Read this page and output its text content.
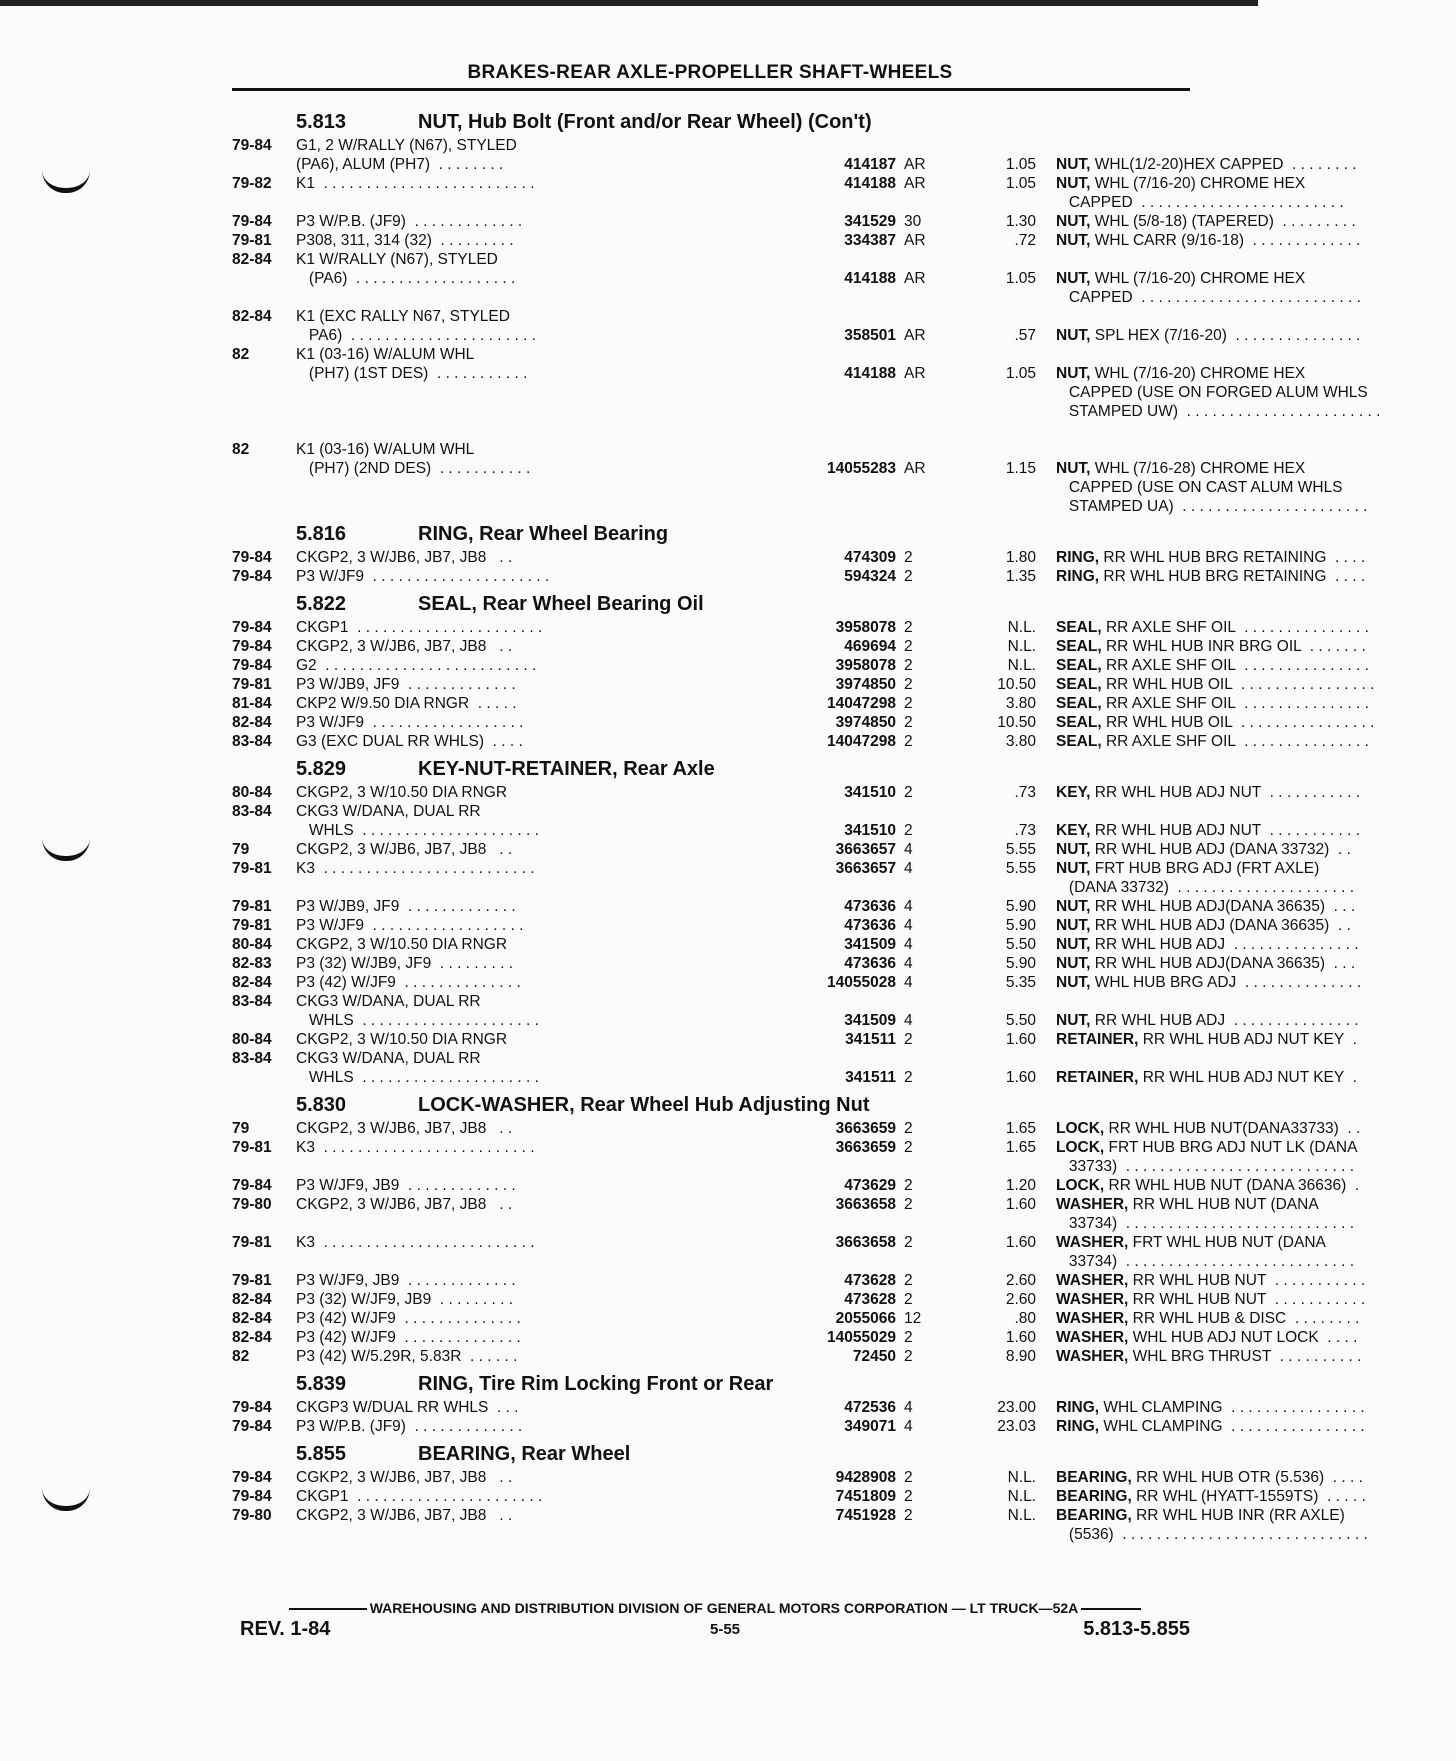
BRAKES-REAR AXLE-PROPELLER SHAFT-WHEELS
5.813	NUT, Hub Bolt (Front and/or Rear Wheel) (Con't)
79-84	G1, 2 W/RALLY (N67), STYLED
(PA6), ALUM (PH7)  . . . . . . . .	414187 AR	1.05 NUT, WHL(1/2-20)HEX CAPPED  . . . . . . . .
79-82	K1  . . . . . . . . . . . . . . . . . . . . . . . . .	414188 AR	1.05 NUT, WHL (7/16-20) CHROME HEX
CAPPED  . . . . . . . . . . . . . . . . . . . . . . . .
79-84	P3 W/P.B. (JF9)  . . . . . . . . . . . . .	341529 30	1.30 NUT, WHL (5/8-18) (TAPERED)  . . . . . . . . .
79-81	P308, 311, 314 (32)  . . . . . . . . .	334387 AR	.72 NUT, WHL CARR (9/16-18)  . . . . . . . . . . . . .
82-84	K1 W/RALLY (N67), STYLED
(PA6)  . . . . . . . . . . . . . . . . . . .	414188 AR	1.05 NUT, WHL (7/16-20) CHROME HEX
CAPPED  . . . . . . . . . . . . . . . . . . . . . . . . . .
82-84	K1 (EXC RALLY N67, STYLED
PA6)  . . . . . . . . . . . . . . . . . . . . . .	358501 AR	.57 NUT, SPL HEX (7/16-20)  . . . . . . . . . . . . . . .
82	K1 (03-16) W/ALUM WHL
(PH7) (1ST DES)  . . . . . . . . . . .	414188 AR	1.05 NUT, WHL (7/16-20) CHROME HEX
CAPPED (USE ON FORGED ALUM WHLS
STAMPED UW)  . . . . . . . . . . . . . . . . . . . . . . .
82	K1 (03-16) W/ALUM WHL
(PH7) (2ND DES)  . . . . . . . . . . .	14055283 AR	1.15 NUT, WHL (7/16-28) CHROME HEX
CAPPED (USE ON CAST ALUM WHLS
STAMPED UA)  . . . . . . . . . . . . . . . . . . . . . .
5.816	RING, Rear Wheel Bearing
79-84	CKGP2, 3 W/JB6, JB7, JB8   . .	474309 2	1.80 RING, RR WHL HUB BRG RETAINING  . . . .
79-84	P3 W/JF9  . . . . . . . . . . . . . . . . . . . . .	594324 2	1.35 RING, RR WHL HUB BRG RETAINING  . . . .
5.822	SEAL, Rear Wheel Bearing Oil
79-84	CKGP1  . . . . . . . . . . . . . . . . . . . . . .	3958078 2	N.L. SEAL, RR AXLE SHF OIL  . . . . . . . . . . . . . . .
79-84	CKGP2, 3 W/JB6, JB7, JB8   . .	469694 2	N.L. SEAL, RR WHL HUB INR BRG OIL  . . . . . . .
79-84	G2  . . . . . . . . . . . . . . . . . . . . . . . . .	3958078 2	N.L. SEAL, RR AXLE SHF OIL  . . . . . . . . . . . . . . .
79-81	P3 W/JB9, JF9  . . . . . . . . . . . . .	3974850 2	10.50 SEAL, RR WHL HUB OIL  . . . . . . . . . . . . . . . .
81-84	CKP2 W/9.50 DIA RNGR  . . . . .	14047298 2	3.80 SEAL, RR AXLE SHF OIL  . . . . . . . . . . . . . . .
82-84	P3 W/JF9  . . . . . . . . . . . . . . . . . .	3974850 2	10.50 SEAL, RR WHL HUB OIL  . . . . . . . . . . . . . . . .
83-84	G3 (EXC DUAL RR WHLS)  . . . .	14047298 2	3.80 SEAL, RR AXLE SHF OIL  . . . . . . . . . . . . . . .
5.829	KEY-NUT-RETAINER, Rear Axle
80-84	CKGP2, 3 W/10.50 DIA RNGR	341510 2	.73 KEY, RR WHL HUB ADJ NUT  . . . . . . . . . . .
83-84	CKG3 W/DANA, DUAL RR
WHLS  . . . . . . . . . . . . . . . . . . . . .	341510 2	.73 KEY, RR WHL HUB ADJ NUT  . . . . . . . . . . .
79	CKGP2, 3 W/JB6, JB7, JB8   . .	3663657 4	5.55 NUT, RR WHL HUB ADJ (DANA 33732)  . .
79-81	K3  . . . . . . . . . . . . . . . . . . . . . . . . .	3663657 4	5.55 NUT, FRT HUB BRG ADJ (FRT AXLE)
(DANA 33732)  . . . . . . . . . . . . . . . . . . . . .
79-81	P3 W/JB9, JF9  . . . . . . . . . . . . .	473636 4	5.90 NUT, RR WHL HUB ADJ(DANA 36635)  . . .
79-81	P3 W/JF9  . . . . . . . . . . . . . . . . . .	473636 4	5.90 NUT, RR WHL HUB ADJ (DANA 36635)  . .
80-84	CKGP2, 3 W/10.50 DIA RNGR	341509 4	5.50 NUT, RR WHL HUB ADJ  . . . . . . . . . . . . . . .
82-83	P3 (32) W/JB9, JF9  . . . . . . . . .	473636 4	5.90 NUT, RR WHL HUB ADJ(DANA 36635)  . . .
82-84	P3 (42) W/JF9  . . . . . . . . . . . . . .	14055028 4	5.35 NUT, WHL HUB BRG ADJ  . . . . . . . . . . . . . .
83-84	CKG3 W/DANA, DUAL RR
WHLS  . . . . . . . . . . . . . . . . . . . . .	341509 4	5.50 NUT, RR WHL HUB ADJ  . . . . . . . . . . . . . . .
80-84	CKGP2, 3 W/10.50 DIA RNGR	341511 2	1.60 RETAINER, RR WHL HUB ADJ NUT KEY  .
83-84	CKG3 W/DANA, DUAL RR
WHLS  . . . . . . . . . . . . . . . . . . . . .	341511 2	1.60 RETAINER, RR WHL HUB ADJ NUT KEY  .
5.830	LOCK-WASHER, Rear Wheel Hub Adjusting Nut
79	CKGP2, 3 W/JB6, JB7, JB8   . .	3663659 2	1.65 LOCK, RR WHL HUB NUT(DANA33733)  . .
79-81	K3  . . . . . . . . . . . . . . . . . . . . . . . . .	3663659 2	1.65 LOCK, FRT HUB BRG ADJ NUT LK (DANA
33733)  . . . . . . . . . . . . . . . . . . . . . . . . . . .
79-84	P3 W/JF9, JB9  . . . . . . . . . . . . .	473629 2	1.20 LOCK, RR WHL HUB NUT (DANA 36636)  .
79-80	CKGP2, 3 W/JB6, JB7, JB8   . .	3663658 2	1.60 WASHER, RR WHL HUB NUT (DANA
33734)  . . . . . . . . . . . . . . . . . . . . . . . . . . .
79-81	K3  . . . . . . . . . . . . . . . . . . . . . . . . .	3663658 2	1.60 WASHER, FRT WHL HUB NUT (DANA
33734)  . . . . . . . . . . . . . . . . . . . . . . . . . . .
79-81	P3 W/JF9, JB9  . . . . . . . . . . . . .	473628 2	2.60 WASHER, RR WHL HUB NUT  . . . . . . . . . . .
82-84	P3 (32) W/JF9, JB9  . . . . . . . . .	473628 2	2.60 WASHER, RR WHL HUB NUT  . . . . . . . . . . .
82-84	P3 (42) W/JF9  . . . . . . . . . . . . . .	2055066 12	.80 WASHER, RR WHL HUB & DISC  . . . . . . . .
82-84	P3 (42) W/JF9  . . . . . . . . . . . . . .	14055029 2	1.60 WASHER, WHL HUB ADJ NUT LOCK  . . . .
82	P3 (42) W/5.29R, 5.83R  . . . . . .	72450 2	8.90 WASHER, WHL BRG THRUST  . . . . . . . . . .
5.839	RING, Tire Rim Locking Front or Rear
79-84	CKGP3 W/DUAL RR WHLS  . . .	472536 4	23.00 RING, WHL CLAMPING  . . . . . . . . . . . . . . . .
79-84	P3 W/P.B. (JF9)  . . . . . . . . . . . . .	349071 4	23.03 RING, WHL CLAMPING  . . . . . . . . . . . . . . . .
5.855	BEARING, Rear Wheel
79-84	CGKP2, 3 W/JB6, JB7, JB8   . .	9428908 2	N.L. BEARING, RR WHL HUB OTR (5.536)  . . . .
79-84	CKGP1  . . . . . . . . . . . . . . . . . . . . . .	7451809 2	N.L. BEARING, RR WHL (HYATT-1559TS)  . . . . .
79-80	CKGP2, 3 W/JB6, JB7, JB8   . .	7451928 2	N.L. BEARING, RR WHL HUB INR (RR AXLE)
(5536)  . . . . . . . . . . . . . . . . . . . . . . . . . . . . .
WAREHOUSING AND DISTRIBUTION DIVISION OF GENERAL MOTORS CORPORATION — LT TRUCK—52A
REV. 1-84	5-55	5.813-5.855
